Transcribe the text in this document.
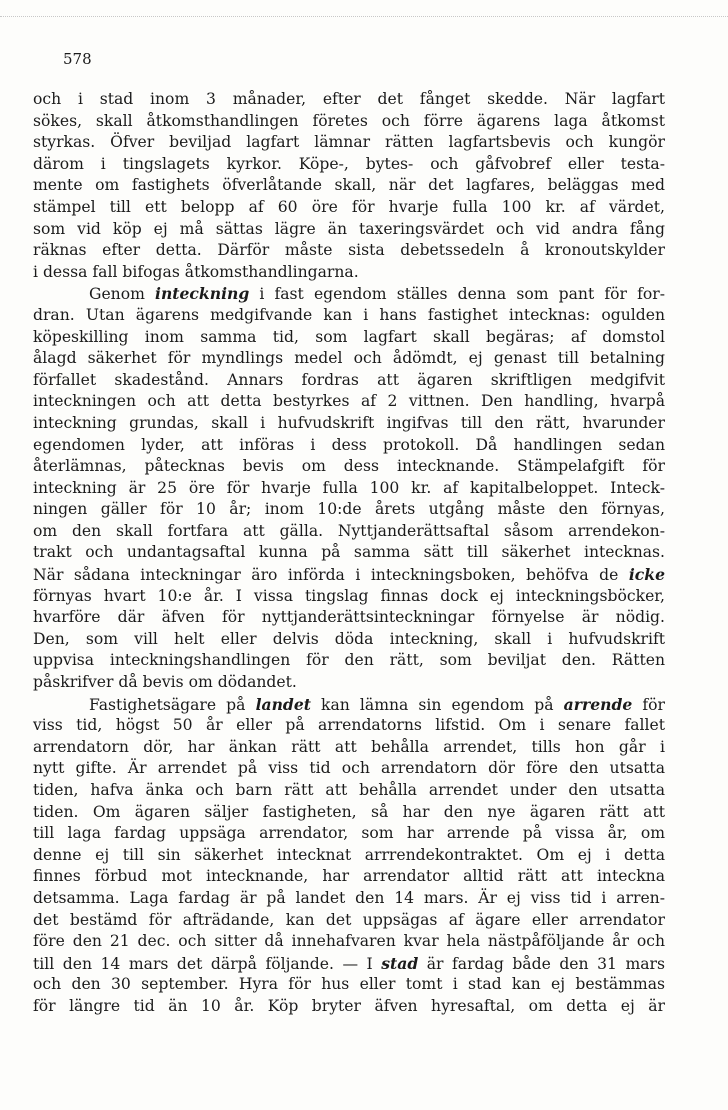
578
och i stad inom 3 månader, efter det fånget skedde. När lagfart
sökes, skall åtkomsthandlingen företes och förre ägarens laga åtkomst
styrkas. Öfver beviljad lagfart lämnar rätten lagfartsbevis och kungör
därom i tingslagets kyrkor. Köpe-, bytes- och gåfvobref eller testa-
mente om fastighets öfverlåtande skall, när det lagfares, beläggas med
stämpel till ett belopp af 60 öre för hvarje fulla 100 kr. af värdet,
som vid köp ej må sättas lägre än taxeringsvärdet och vid andra fång
räknas efter detta. Därför måste sista debetssedeln å kronoutskylder
i dessa fall bifogas åtkomsthandlingarna.
Genom inteckning i fast egendom ställes denna som pant för for-
dran. Utan ägarens medgifvande kan i hans fastighet intecknas: ogulden
köpeskilling inom samma tid, som lagfart skall begäras; af domstol
ålagd säkerhet för myndlings medel och ådömdt, ej genast till betalning
förfallet skadestånd. Annars fordras att ägaren skriftligen medgifvit
inteckningen och att detta bestyrkes af 2 vittnen. Den handling, hvarpå
inteckning grundas, skall i hufvudskrift ingifvas till den rätt, hvarunder
egendomen lyder, att införas i dess protokoll. Då handlingen sedan
återlämnas, påtecknas bevis om dess intecknande. Stämpelafgift för
inteckning är 25 öre för hvarje fulla 100 kr. af kapitalbeloppet. Inteck-
ningen gäller för 10 år; inom 10:de årets utgång måste den förnyas,
om den skall fortfara att gälla. Nyttjanderättsaftal såsom arrendekon-
trakt och undantagsaftal kunna på samma sätt till säkerhet intecknas.
När sådana inteckningar äro införda i inteckningsboken, behöfva de icke
förnyas hvart 10:e år. I vissa tingslag finnas dock ej inteckningsböcker,
hvarföre där äfven för nyttjanderättsinteckningar förnyelse är nödig.
Den, som vill helt eller delvis döda inteckning, skall i hufvudskrift
uppvisa inteckningshandlingen för den rätt, som beviljat den. Rätten
påskrifver då bevis om dödandet.
Fastighetsägare på landet kan lämna sin egendom på arrende för
viss tid, högst 50 år eller på arrendatorns lifstid. Om i senare fallet
arrendatorn dör, har änkan rätt att behålla arrendet, tills hon går i
nytt gifte. Är arrendet på viss tid och arrendatorn dör före den utsatta
tiden, hafva änka och barn rätt att behålla arrendet under den utsatta
tiden. Om ägaren säljer fastigheten, så har den nye ägaren rätt att
till laga fardag uppsäga arrendator, som har arrende på vissa år, om
denne ej till sin säkerhet intecknat arrrendekontraktet. Om ej i detta
finnes förbud mot intecknande, har arrendator alltid rätt att inteckna
detsamma. Laga fardag är på landet den 14 mars. Är ej viss tid i arren-
det bestämd för afträdande, kan det uppsägas af ägare eller arrendator
före den 21 dec. och sitter då innehafvaren kvar hela nästpåföljande år och
till den 14 mars det därpå följande. — I stad är fardag både den 31 mars
och den 30 september. Hyra för hus eller tomt i stad kan ej bestämmas
för längre tid än 10 år. Köp bryter äfven hyresaftal, om detta ej är
